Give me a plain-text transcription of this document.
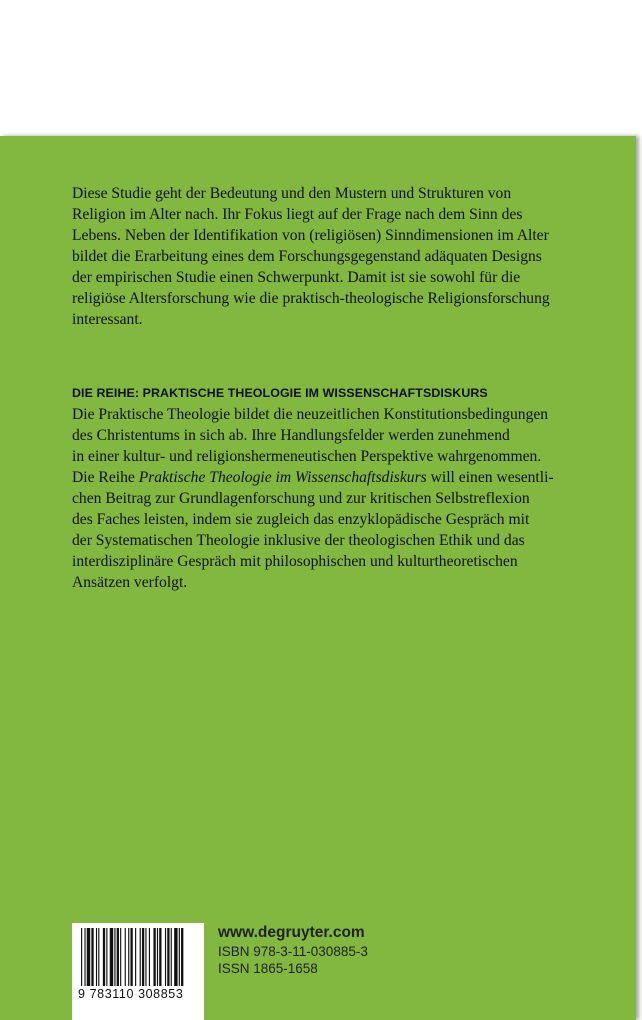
Diese Studie geht der Bedeutung und den Mustern und Strukturen von
Religion im Alter nach. Ihr Fokus liegt auf der Frage nach dem Sinn des
Lebens. Neben der Identifikation von (religiösen) Sinndimensionen im Alter
bildet die Erarbeitung eines dem Forschungsgegenstand adäquaten Designs
der empirischen Studie einen Schwerpunkt. Damit ist sie sowohl für die
religiöse Altersforschung wie die praktisch-theologische Religionsforschung
interessant.

DIE REIHE: PRAKTISCHE THEOLOGIE IM WISSENSCHAFTSDISKURS

Die Praktische Theologie bildet die neuzeitlichen Konstitutionsbedingungen
des Christentums in sich ab. Ihre Handlungsfelder werden zunehmend
in einer kultur- und religionshermeneutischen Perspektive wahrgenommen.
Die Reihe Praktische Theologie im Wissenschaftsdiskurs will einen wesentli-
chen Beitrag zur Grundlagenforschung und zur kritischen Selbstreflexion
des Faches leisten, indem sie zugleich das enzyklopädische Gespräch mit
der Systematischen Theologie inklusive der theologischen Ethik und das
interdisziplinäre Gespräch mit philosophischen und kulturtheoretischen
Ansätzen verfolgt.

9 783110 308853
www.degruyter.com
ISBN 978-3-11-030885-3
ISSN 1865-1658
